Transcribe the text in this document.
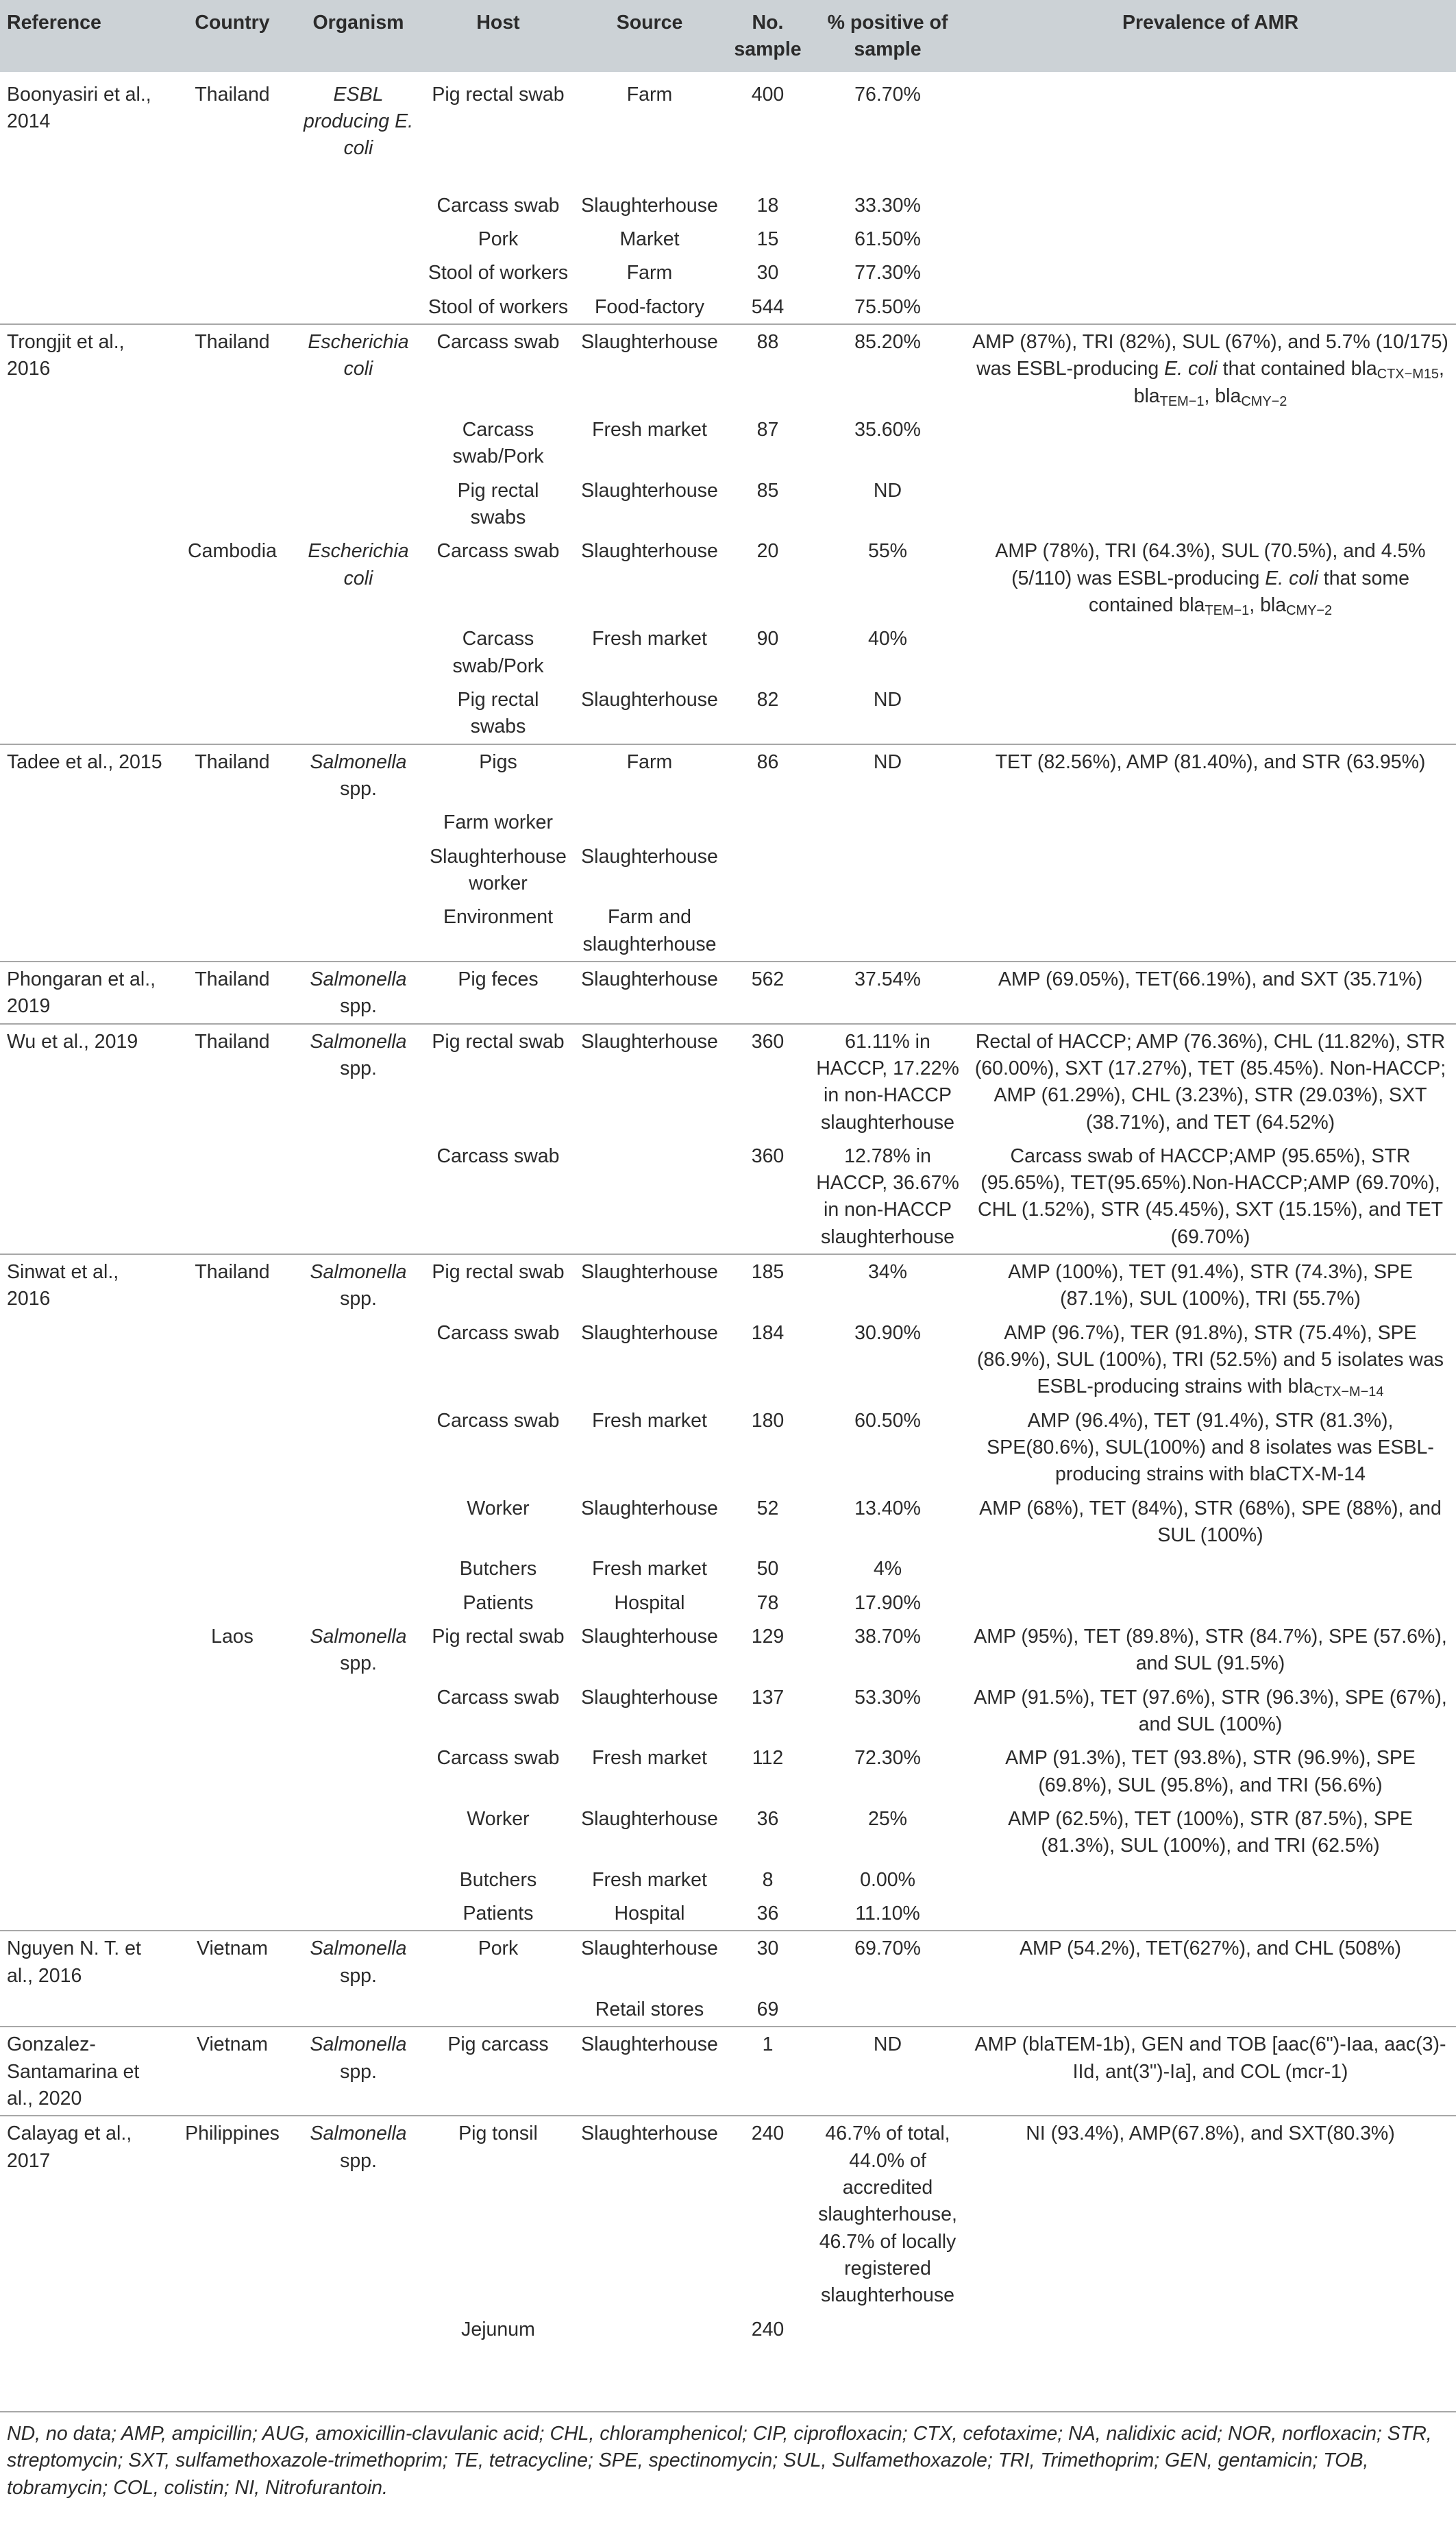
Reference	Country	Organism	Host	Source	No. sample	% positive of sample	Prevalence of AMR
Boonyasiri et al., 2014	Thailand	ESBL producing E. coli	Pig rectal swab	Farm	400	76.70%	
			Carcass swab	Slaughterhouse	18	33.30%	
			Pork	Market	15	61.50%	
			Stool of workers	Farm	30	77.30%	
			Stool of workers	Food-factory	544	75.50%	
Trongjit et al., 2016	Thailand	Escherichia coli	Carcass swab	Slaughterhouse	88	85.20%	AMP (87%), TRI (82%), SUL (67%), and 5.7% (10/175) was ESBL-producing E. coli that contained bla$_{CTX-M15}$, bla$_{TEM-1}$, bla$_{CMY-2}$
			Carcass swab/Pork	Fresh market	87	35.60%	
			Pig rectal swabs	Slaughterhouse	85	ND	
	Cambodia	Escherichia coli	Carcass swab	Slaughterhouse	20	55%	AMP (78%), TRI (64.3%), SUL (70.5%), and 4.5% (5/110) was ESBL-producing E. coli that some contained bla$_{TEM-1}$, bla$_{CMY-2}$
			Carcass swab/Pork	Fresh market	90	40%	
			Pig rectal swabs	Slaughterhouse	82	ND	
Tadee et al., 2015	Thailand	Salmonella spp.	Pigs	Farm	86	ND	TET (82.56%), AMP (81.40%), and STR (63.95%)
			Farm worker				
			Slaughterhouse worker	Slaughterhouse			
			Environment	Farm and slaughterhouse			
Phongaran et al., 2019	Thailand	Salmonella spp.	Pig feces	Slaughterhouse	562	37.54%	AMP (69.05%), TET(66.19%), and SXT (35.71%)
Wu et al., 2019	Thailand	Salmonella spp.	Pig rectal swab	Slaughterhouse	360	61.11% in HACCP, 17.22% in non-HACCP slaughterhouse	Rectal of HACCP; AMP (76.36%), CHL (11.82%), STR (60.00%), SXT (17.27%), TET (85.45%). Non-HACCP; AMP (61.29%), CHL (3.23%), STR (29.03%), SXT (38.71%), and TET (64.52%)
			Carcass swab		360	12.78% in HACCP, 36.67% in non-HACCP slaughterhouse	Carcass swab of HACCP;AMP (95.65%), STR (95.65%), TET(95.65%).Non-HACCP;AMP (69.70%), CHL (1.52%), STR (45.45%), SXT (15.15%), and TET (69.70%)
Sinwat et al., 2016	Thailand	Salmonella spp.	Pig rectal swab	Slaughterhouse	185	34%	AMP (100%), TET (91.4%), STR (74.3%), SPE (87.1%), SUL (100%), TRI (55.7%)
			Carcass swab	Slaughterhouse	184	30.90%	AMP (96.7%), TER (91.8%), STR (75.4%), SPE (86.9%), SUL (100%), TRI (52.5%) and 5 isolates was ESBL-producing strains with bla$_{CTX-M-14}$
			Carcass swab	Fresh market	180	60.50%	AMP (96.4%), TET (91.4%), STR (81.3%), SPE(80.6%), SUL(100%) and 8 isolates was ESBL-producing strains with blaCTX-M-14
			Worker	Slaughterhouse	52	13.40%	AMP (68%), TET (84%), STR (68%), SPE (88%), and SUL (100%)
			Butchers	Fresh market	50	4%	
			Patients	Hospital	78	17.90%	
	Laos	Salmonella spp.	Pig rectal swab	Slaughterhouse	129	38.70%	AMP (95%), TET (89.8%), STR (84.7%), SPE (57.6%), and SUL (91.5%)
			Carcass swab	Slaughterhouse	137	53.30%	AMP (91.5%), TET (97.6%), STR (96.3%), SPE (67%), and SUL (100%)
			Carcass swab	Fresh market	112	72.30%	AMP (91.3%), TET (93.8%), STR (96.9%), SPE (69.8%), SUL (95.8%), and TRI (56.6%)
			Worker	Slaughterhouse	36	25%	AMP (62.5%), TET (100%), STR (87.5%), SPE (81.3%), SUL (100%), and TRI (62.5%)
			Butchers	Fresh market	8	0.00%	
			Patients	Hospital	36	11.10%	
Nguyen N. T. et al., 2016	Vietnam	Salmonella spp.	Pork	Slaughterhouse	30	69.70%	AMP (54.2%), TET(627%), and CHL (508%)
				Retail stores	69		
Gonzalez-Santamarina et al., 2020	Vietnam	Salmonella spp.	Pig carcass	Slaughterhouse	1	ND	AMP (blaTEM-1b), GEN and TOB [aac(6")-Iaa, aac(3)-IId, ant(3")-Ia], and COL (mcr-1)
Calayag et al., 2017	Philippines	Salmonella spp.	Pig tonsil	Slaughterhouse	240	46.7% of total, 44.0% of accredited slaughterhouse, 46.7% of locally registered slaughterhouse	NI (93.4%), AMP(67.8%), and SXT(80.3%)
			Jejunum		240		
ND, no data; AMP, ampicillin; AUG, amoxicillin-clavulanic acid; CHL, chloramphenicol; CIP, ciprofloxacin; CTX, cefotaxime; NA, nalidixic acid; NOR, norfloxacin; STR, streptomycin; SXT, sulfamethoxazole-trimethoprim; TE, tetracycline; SPE, spectinomycin; SUL, Sulfamethoxazole; TRI, Trimethoprim; GEN, gentamicin; TOB, tobramycin; COL, colistin; NI, Nitrofurantoin.
